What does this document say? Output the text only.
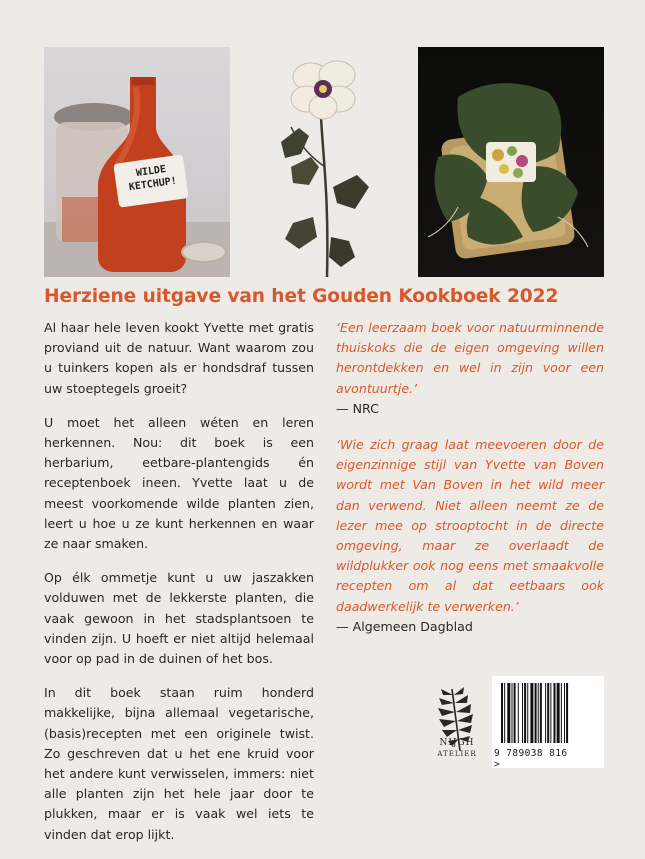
WILDE KETCHUP!
Herziene uitgave van het Gouden Kookboek 2022

Al haar hele leven kookt Yvette met gratis proviand uit de natuur. Want waarom zou u tuinkers kopen als er hondsdraf tussen uw stoeptegels groeit?

U moet het alleen wéten en leren herkennen. Nou: dit boek is een herbarium, eetbare-plantengids én receptenboek ineen. Yvette laat u de meest voorkomende wilde planten zien, leert u hoe u ze kunt herkennen en waar ze naar smaken.

Op élk ommetje kunt u uw jaszakken volduwen met de lekkerste planten, die vaak gewoon in het stadsplantsoen te vinden zijn. U hoeft er niet altijd helemaal voor op pad in de duinen of het bos.

In dit boek staan ruim honderd makkelijke, bijna allemaal vegetarische, (basis)recepten met een originele twist. Zo geschreven dat u het ene kruid voor het andere kunt verwisselen, immers: niet alle planten zijn het hele jaar door te plukken, maar er is vaak wel iets te vinden dat erop lijkt.

‘Een leerzaam boek voor natuurminnende thuiskoks die de eigen omgeving willen herontdekken en wel in zijn voor een avontuurtje.’

— NRC

‘Wie zich graag laat meevoeren door de eigenzinnige stijl van Yvette van Boven wordt met Van Boven in het wild meer dan verwend. Niet alleen neemt ze de lezer mee op strooptocht in de directe omgeving, maar ze overlaadt de wildplukker ook nog eens met smaakvolle recepten om al dat eetbaars ook daadwerkelijk te verwerken.’

— Algemeen Dagblad

NIJGH
ATELIER	9 789038 816>
